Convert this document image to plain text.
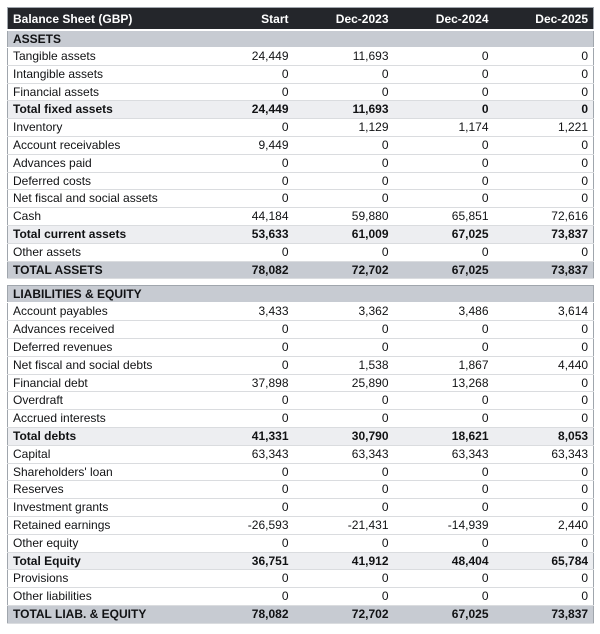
Balance Sheet (GBP)	Start	Dec-2023	Dec-2024	Dec-2025
ASSETS				
Tangible assets	24,449	11,693	0	0
Intangible assets	0	0	0	0
Financial assets	0	0	0	0
Total fixed assets	24,449	11,693	0	0
Inventory	0	1,129	1,174	1,221
Account receivables	9,449	0	0	0
Advances paid	0	0	0	0
Deferred costs	0	0	0	0
Net fiscal and social assets	0	0	0	0
Cash	44,184	59,880	65,851	72,616
Total current assets	53,633	61,009	67,025	73,837
Other assets	0	0	0	0
TOTAL ASSETS	78,082	72,702	67,025	73,837
LIABILITIES & EQUITY				
Account payables	3,433	3,362	3,486	3,614
Advances received	0	0	0	0
Deferred revenues	0	0	0	0
Net fiscal and social debts	0	1,538	1,867	4,440
Financial debt	37,898	25,890	13,268	0
Overdraft	0	0	0	0
Accrued interests	0	0	0	0
Total debts	41,331	30,790	18,621	8,053
Capital	63,343	63,343	63,343	63,343
Shareholders' loan	0	0	0	0
Reserves	0	0	0	0
Investment grants	0	0	0	0
Retained earnings	-26,593	-21,431	-14,939	2,440
Other equity	0	0	0	0
Total Equity	36,751	41,912	48,404	65,784
Provisions	0	0	0	0
Other liabilities	0	0	0	0
TOTAL LIAB. & EQUITY	78,082	72,702	67,025	73,837
